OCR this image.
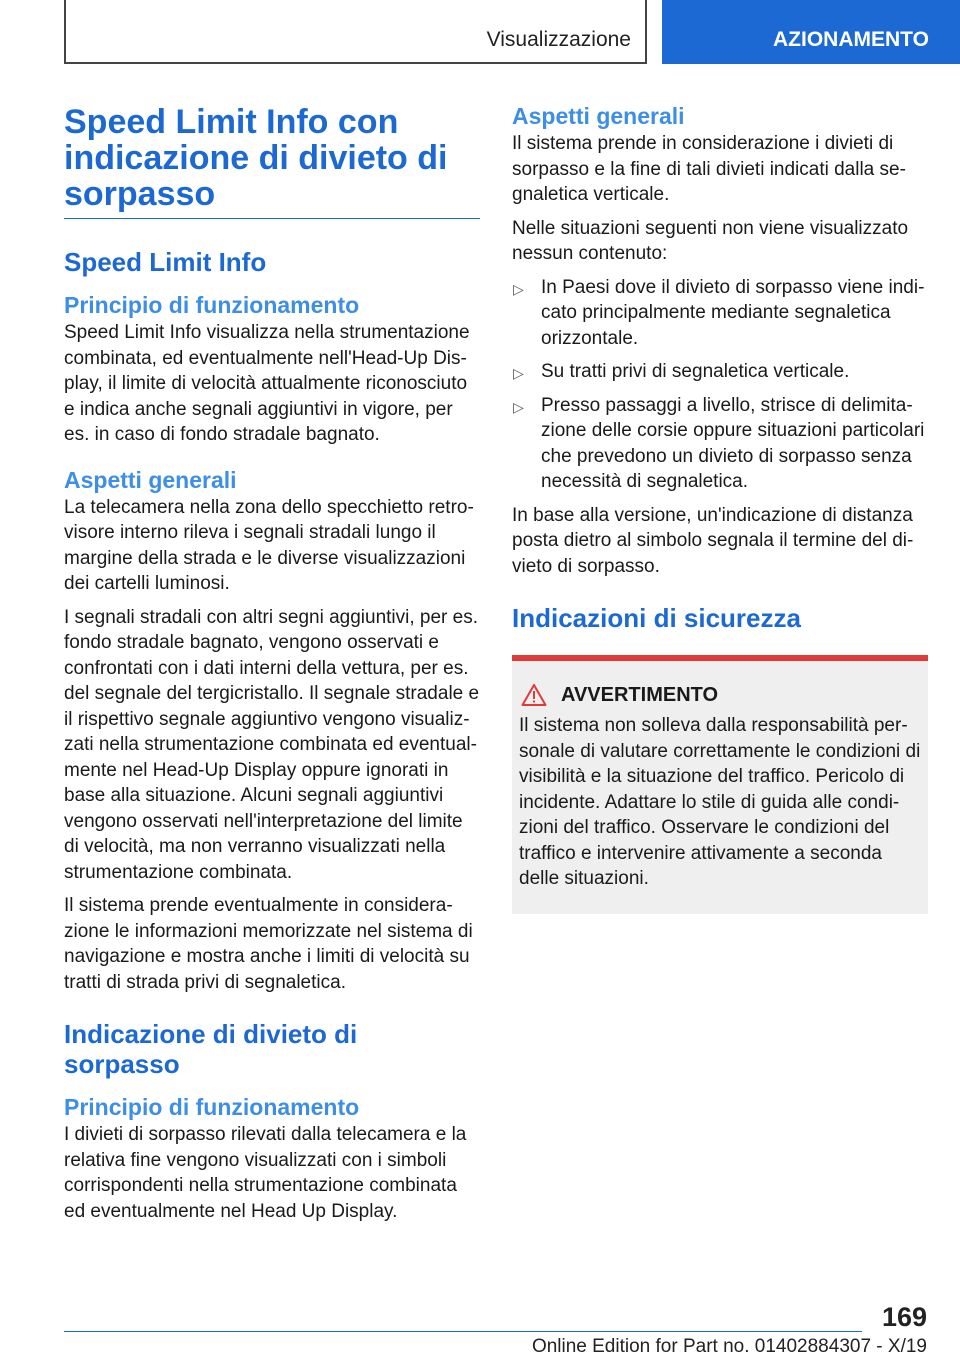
Visualizzazione	AZIONAMENTO
Speed Limit Info con indicazione di divieto di sorpasso
Speed Limit Info
Principio di funzionamento

Speed Limit Info visualizza nella strumentazione combinata, ed eventualmente nell'Head-Up Display, il limite di velocità attualmente riconosciuto e indica anche segnali aggiuntivi in vigore, per es. in caso di fondo stradale bagnato.

Aspetti generali

La telecamera nella zona dello specchietto retrovisore interno rileva i segnali stradali lungo il margine della strada e le diverse visualizzazioni dei cartelli luminosi.

I segnali stradali con altri segni aggiuntivi, per es. fondo stradale bagnato, vengono osservati e confrontati con i dati interni della vettura, per es. del segnale del tergicristallo. Il segnale stradale e il rispettivo segnale aggiuntivo vengono visualizzati nella strumentazione combinata ed eventualmente nel Head-Up Display oppure ignorati in base alla situazione. Alcuni segnali aggiuntivi vengono osservati nell'interpretazione del limite di velocità, ma non verranno visualizzati nella strumentazione combinata.

Il sistema prende eventualmente in considerazione le informazioni memorizzate nel sistema di navigazione e mostra anche i limiti di velocità su tratti di strada privi di segnaletica.

Indicazione di divieto di sorpasso
Principio di funzionamento

I divieti di sorpasso rilevati dalla telecamera e la relativa fine vengono visualizzati con i simboli corrispondenti nella strumentazione combinata ed eventualmente nel Head Up Display.

Aspetti generali

Il sistema prende in considerazione i divieti di sorpasso e la fine di tali divieti indicati dalla segnaletica verticale.

Nelle situazioni seguenti non viene visualizzato nessun contenuto:

▷ In Paesi dove il divieto di sorpasso viene indicato principalmente mediante segnaletica orizzontale.
▷ Su tratti privi di segnaletica verticale.
▷ Presso passaggi a livello, strisce di delimitazione delle corsie oppure situazioni particolari che prevedono un divieto di sorpasso senza necessità di segnaletica.

In base alla versione, un'indicazione di distanza posta dietro al simbolo segnala il termine del divieto di sorpasso.

Indicazioni di sicurezza
AVVERTIMENTO

Il sistema non solleva dalla responsabilità personale di valutare correttamente le condizioni di visibilità e la situazione del traffico. Pericolo di incidente. Adattare lo stile di guida alle condizioni del traffico. Osservare le condizioni del traffico e intervenire attivamente a seconda delle situazioni.

169
Online Edition for Part no. 01402884307 - X/19
